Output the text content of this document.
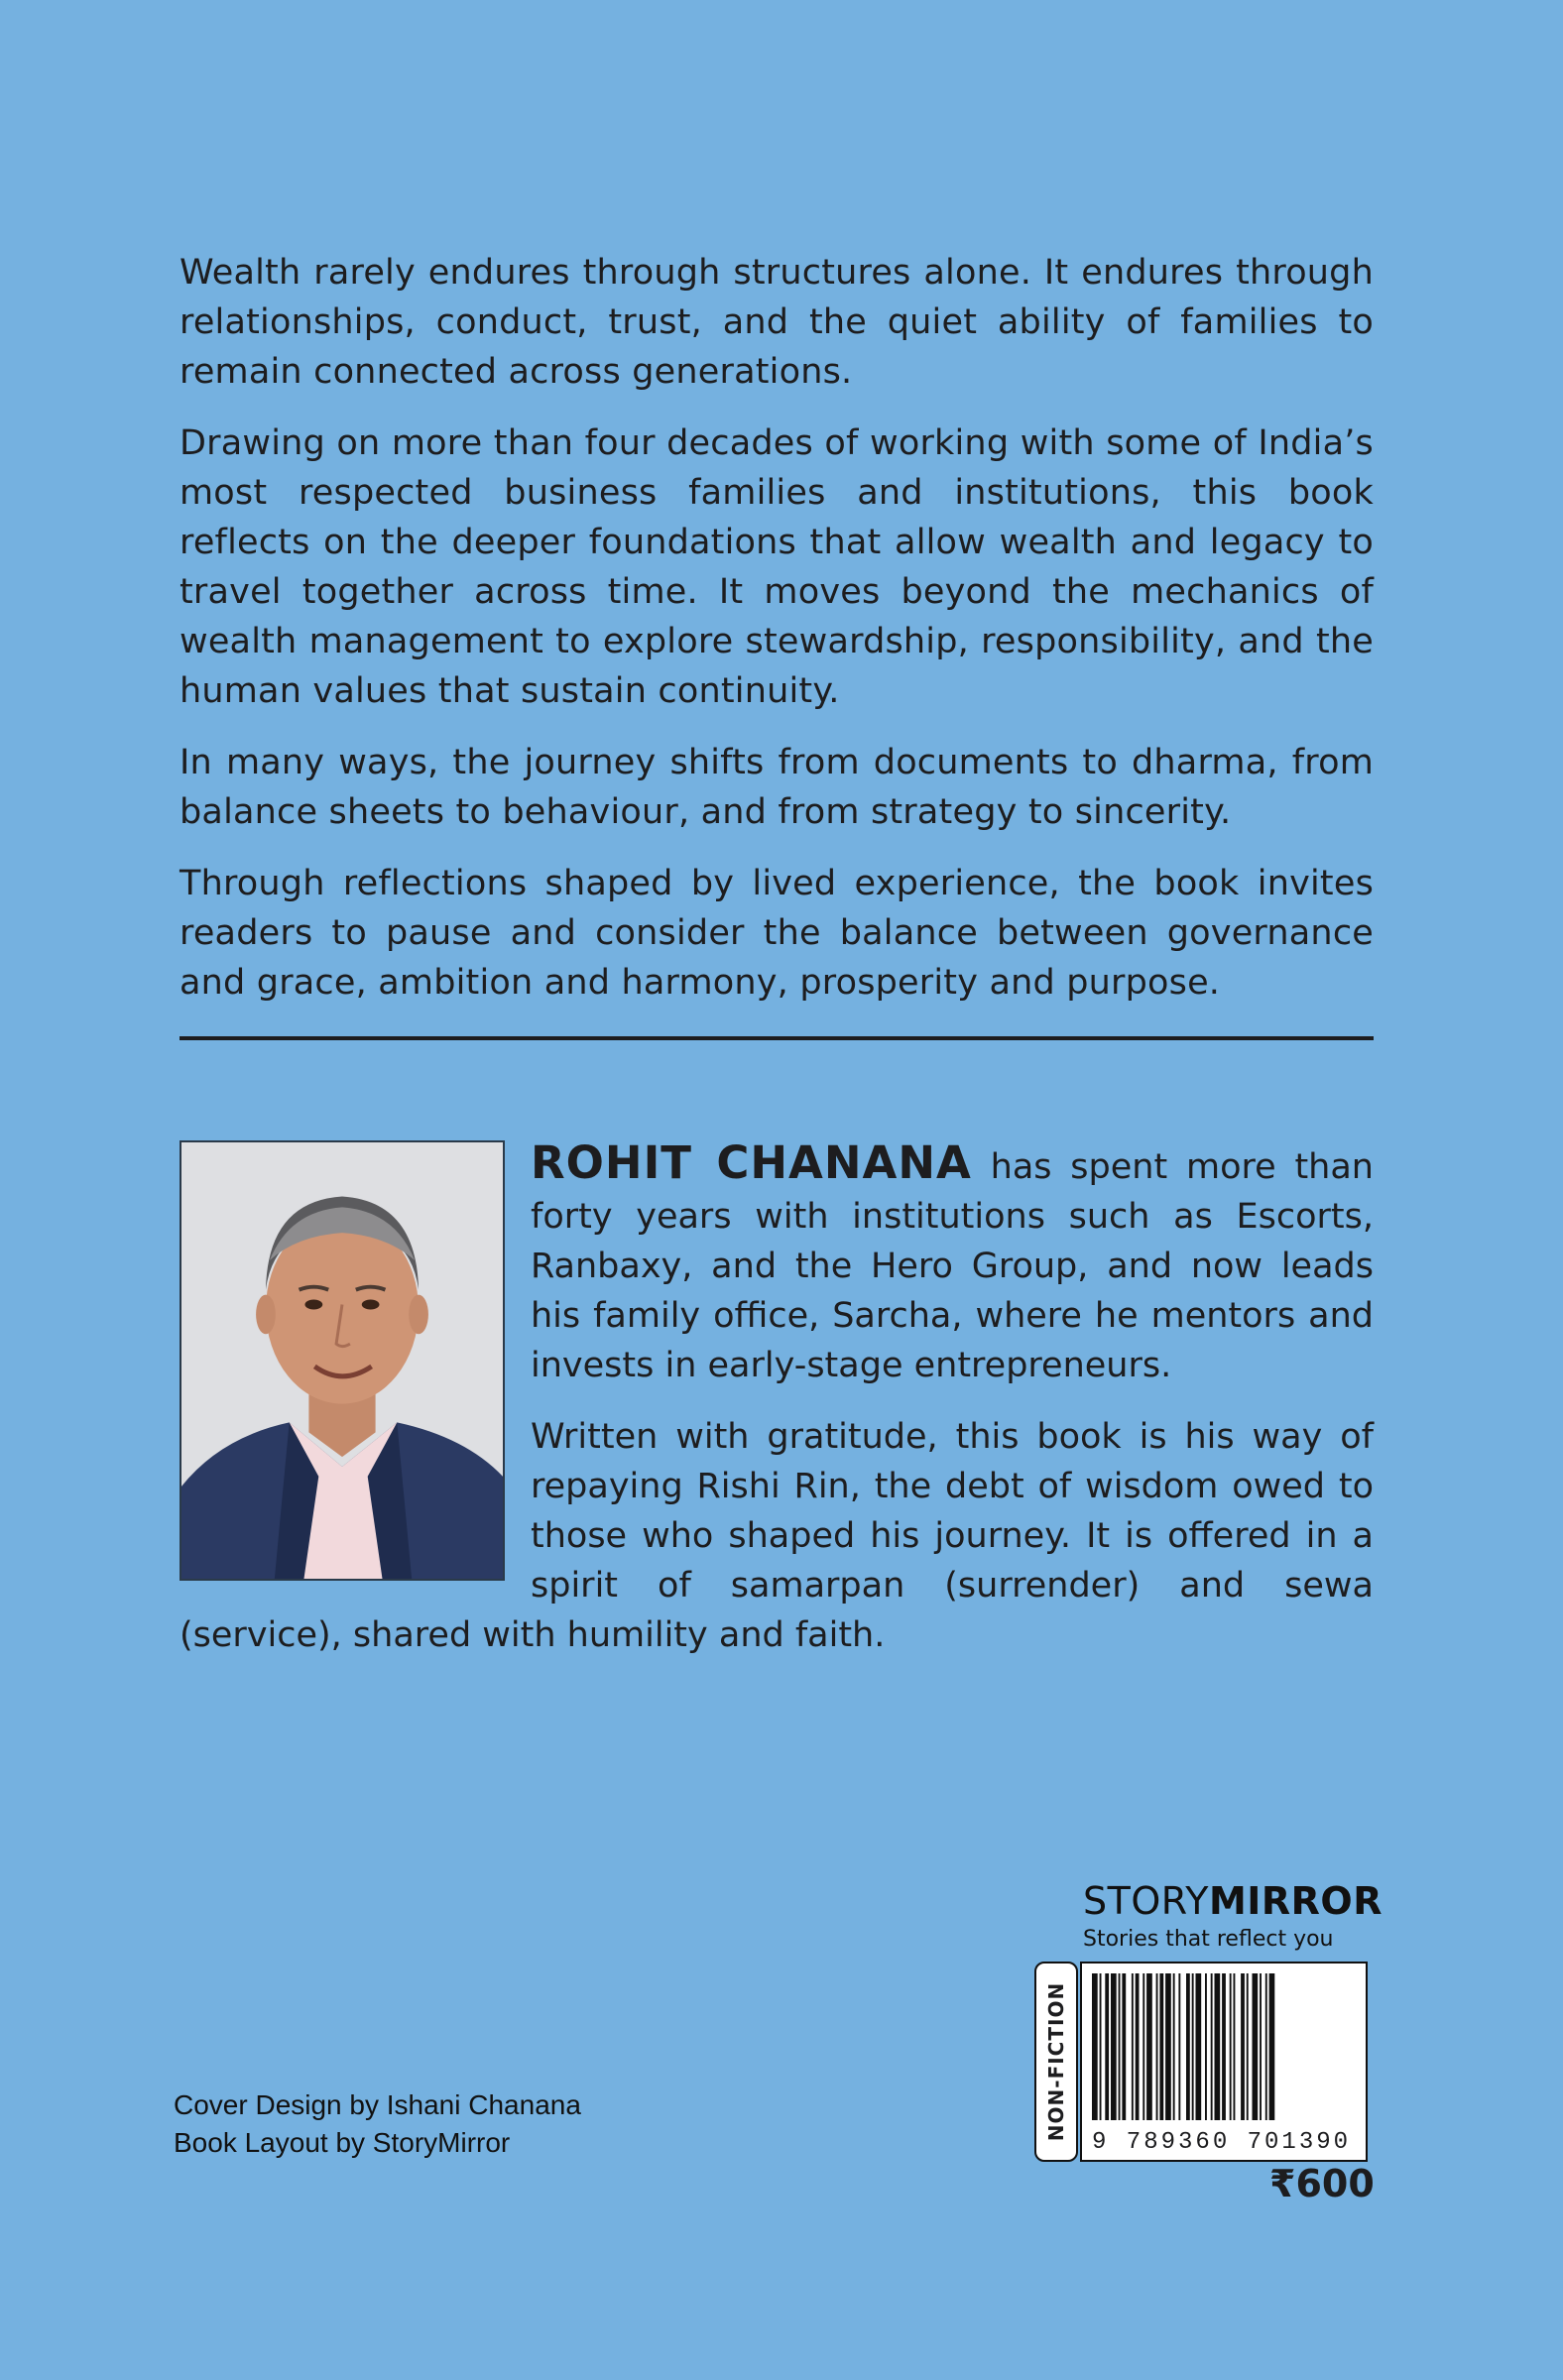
Wealth rarely endures through structures alone. It endures through relationships, conduct, trust, and the quiet ability of families to remain connected across generations.

Drawing on more than four decades of working with some of India’s most respected business families and institutions, this book reflects on the deeper foundations that allow wealth and legacy to travel together across time. It moves beyond the mechanics of wealth management to explore stewardship, responsibility, and the human values that sustain continuity.

In many ways, the journey shifts from documents to dharma, from balance sheets to behaviour, and from strategy to sincerity.

Through reflections shaped by lived experience, the book invites readers to pause and consider the balance between governance and grace, ambition and harmony, prosperity and purpose.

ROHIT CHANANA has spent more than forty years with institutions such as Escorts, Ranbaxy, and the Hero Group, and now leads his family office, Sarcha, where he mentors and invests in early-stage entrepreneurs.

Written with gratitude, this book is his way of repaying Rishi Rin, the debt of wisdom owed to those who shaped his journey. It is offered in a spirit of samarpan (surrender) and sewa (service), shared with humility and faith.

Cover Design by Ishani Chanana
Book Layout by StoryMirror
STORYMIRROR
Stories that reflect you
NON-FICTION
9 789360 701390
₹600
